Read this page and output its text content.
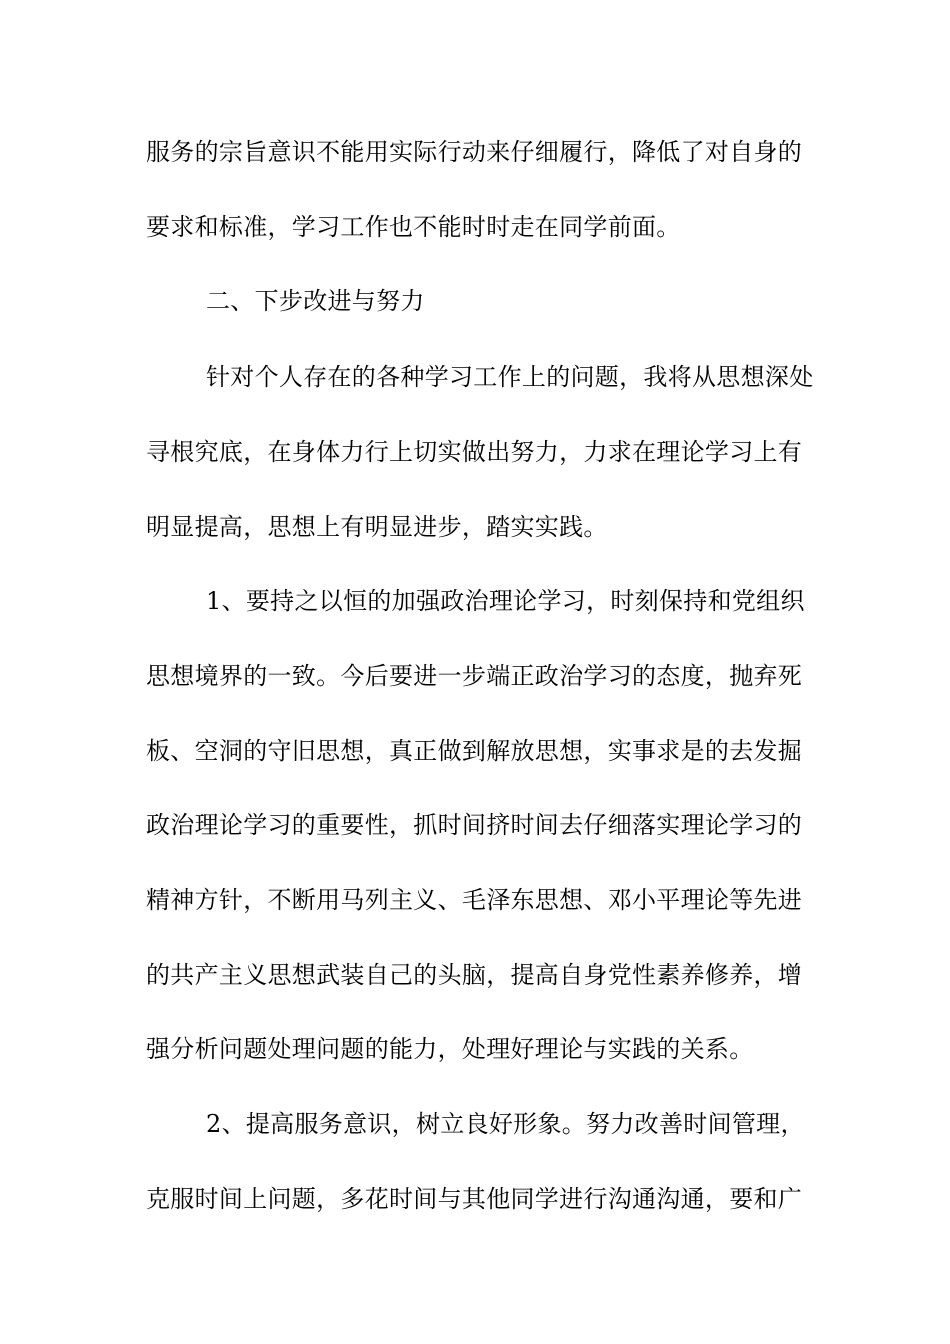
服务的宗旨意识不能用实际行动来仔细履行，降低了对自身的
要求和标准，学习工作也不能时时走在同学前面。
二、下步改进与努力
针对个人存在的各种学习工作上的问题，我将从思想深处
寻根究底，在身体力行上切实做出努力，力求在理论学习上有
明显提高，思想上有明显进步，踏实实践。
1、要持之以恒的加强政治理论学习，时刻保持和党组织
思想境界的一致。今后要进一步端正政治学习的态度，抛弃死
板、空洞的守旧思想，真正做到解放思想，实事求是的去发掘
政治理论学习的重要性，抓时间挤时间去仔细落实理论学习的
精神方针，不断用马列主义、毛泽东思想、邓小平理论等先进
的共产主义思想武装自己的头脑，提高自身党性素养修养，增
强分析问题处理问题的能力，处理好理论与实践的关系。
2、提高服务意识，树立良好形象。努力改善时间管理，
克服时间上问题，多花时间与其他同学进行沟通沟通，要和广
